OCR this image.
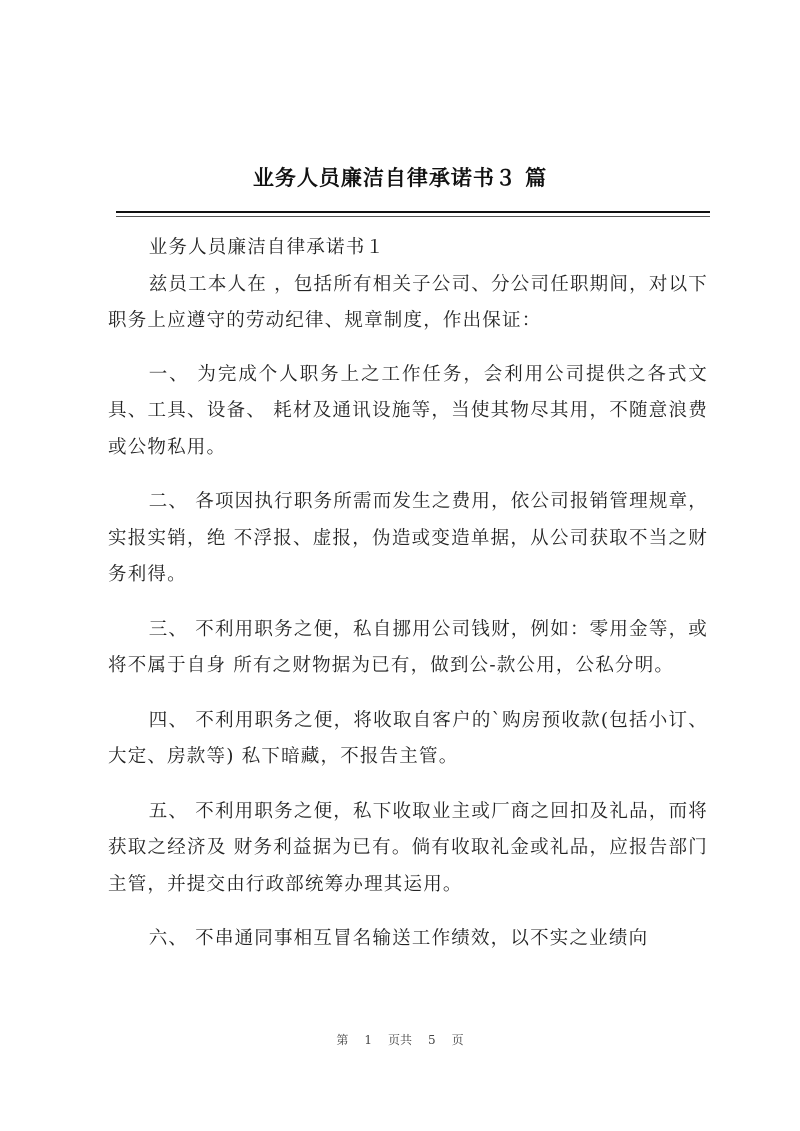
业务人员廉洁自律承诺书３ 篇

业务人员廉洁自律承诺书１

兹员工本人在 ，包括所有相关子公司、分公司任职期间，对以下职务上应遵守的劳动纪律、规章制度，作出保证：

一、 为完成个人职务上之工作任务，会利用公司提供之各式文具、工具、设备、 耗材及通讯设施等，当使其物尽其用，不随意浪费或公物私用。

二、 各项因执行职务所需而发生之费用，依公司报销管理规章，实报实销，绝 不浮报、虚报，伪造或变造单据，从公司获取不当之财务利得。

三、 不利用职务之便，私自挪用公司钱财，例如：零用金等，或将不属于自身 所有之财物据为已有，做到公-款公用，公私分明。

四、 不利用职务之便，将收取自客户的`购房预收款(包括小订、大定、房款等) 私下暗藏，不报告主管。

五、 不利用职务之便，私下收取业主或厂商之回扣及礼品，而将获取之经济及 财务利益据为已有。倘有收取礼金或礼品，应报告部门主管，并提交由行政部统筹办理其运用。

六、 不串通同事相互冒名输送工作绩效，以不实之业绩向

第 1 页共 5 页
